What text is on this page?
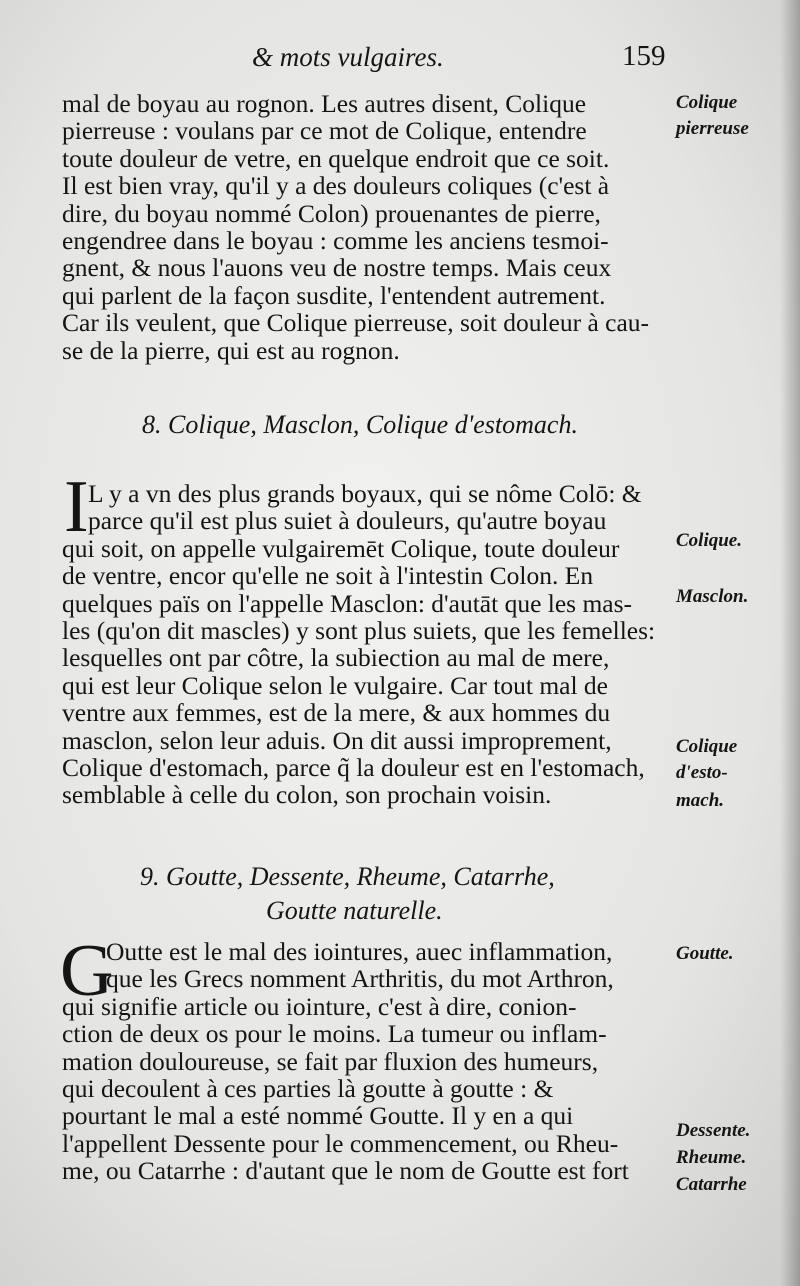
& mots vulgaires.	159
mal de boyau au rognon. Les autres disent, Colique
pierreuse : voulans par ce mot de Colique, entendre
toute douleur de vetre, en quelque endroit que ce soit.
Il est bien vray, qu'il y a des douleurs coliques (c'est à
dire, du boyau nommé Colon) prouenantes de pierre,
engendree dans le boyau : comme les anciens tesmoi-
gnent, & nous l'auons veu de nostre temps. Mais ceux
qui parlent de la façon susdite, l'entendent autrement.
Car ils veulent, que Colique pierreuse, soit douleur à cau-
se de la pierre, qui est au rognon.
8. Colique, Masclon, Colique d'estomach.
I L y a vn des plus grands boyaux, qui se nôme Colō: &
parce qu'il est plus suiet à douleurs, qu'autre boyau
qui soit, on appelle vulgairemēt Colique, toute douleur
de ventre, encor qu'elle ne soit à l'intestin Colon. En
quelques païs on l'appelle Masclon: d'autāt que les mas-
les (qu'on dit mascles) y sont plus suiets, que les femelles:
lesquelles ont par côtre, la subiection au mal de mere,
qui est leur Colique selon le vulgaire. Car tout mal de
ventre aux femmes, est de la mere, & aux hommes du
masclon, selon leur aduis. On dit aussi improprement,
Colique d'estomach, parce q̃ la douleur est en l'estomach,
semblable à celle du colon, son prochain voisin.
9. Goutte, Dessente, Rheume, Catarrhe,
Goutte naturelle.
G
Outte est le mal des iointures, auec inflammation,
que les Grecs nomment Arthritis, du mot Arthron,
qui signifie article ou iointure, c'est à dire, conion-
ction de deux os pour le moins. La tumeur ou inflam-
mation douloureuse, se fait par fluxion des humeurs,
qui decoulent à ces parties là goutte à goutte : &
pourtant le mal a esté nommé Goutte. Il y en a qui
l'appellent Dessente pour le commencement, ou Rheu-
me, ou Catarrhe : d'autant que le nom de Goutte est fort
Colique
pierreuse
Colique.
Masclon.
Colique
d'esto-
mach.
Goutte.
Dessente.
Rheume.
Catarrhe
